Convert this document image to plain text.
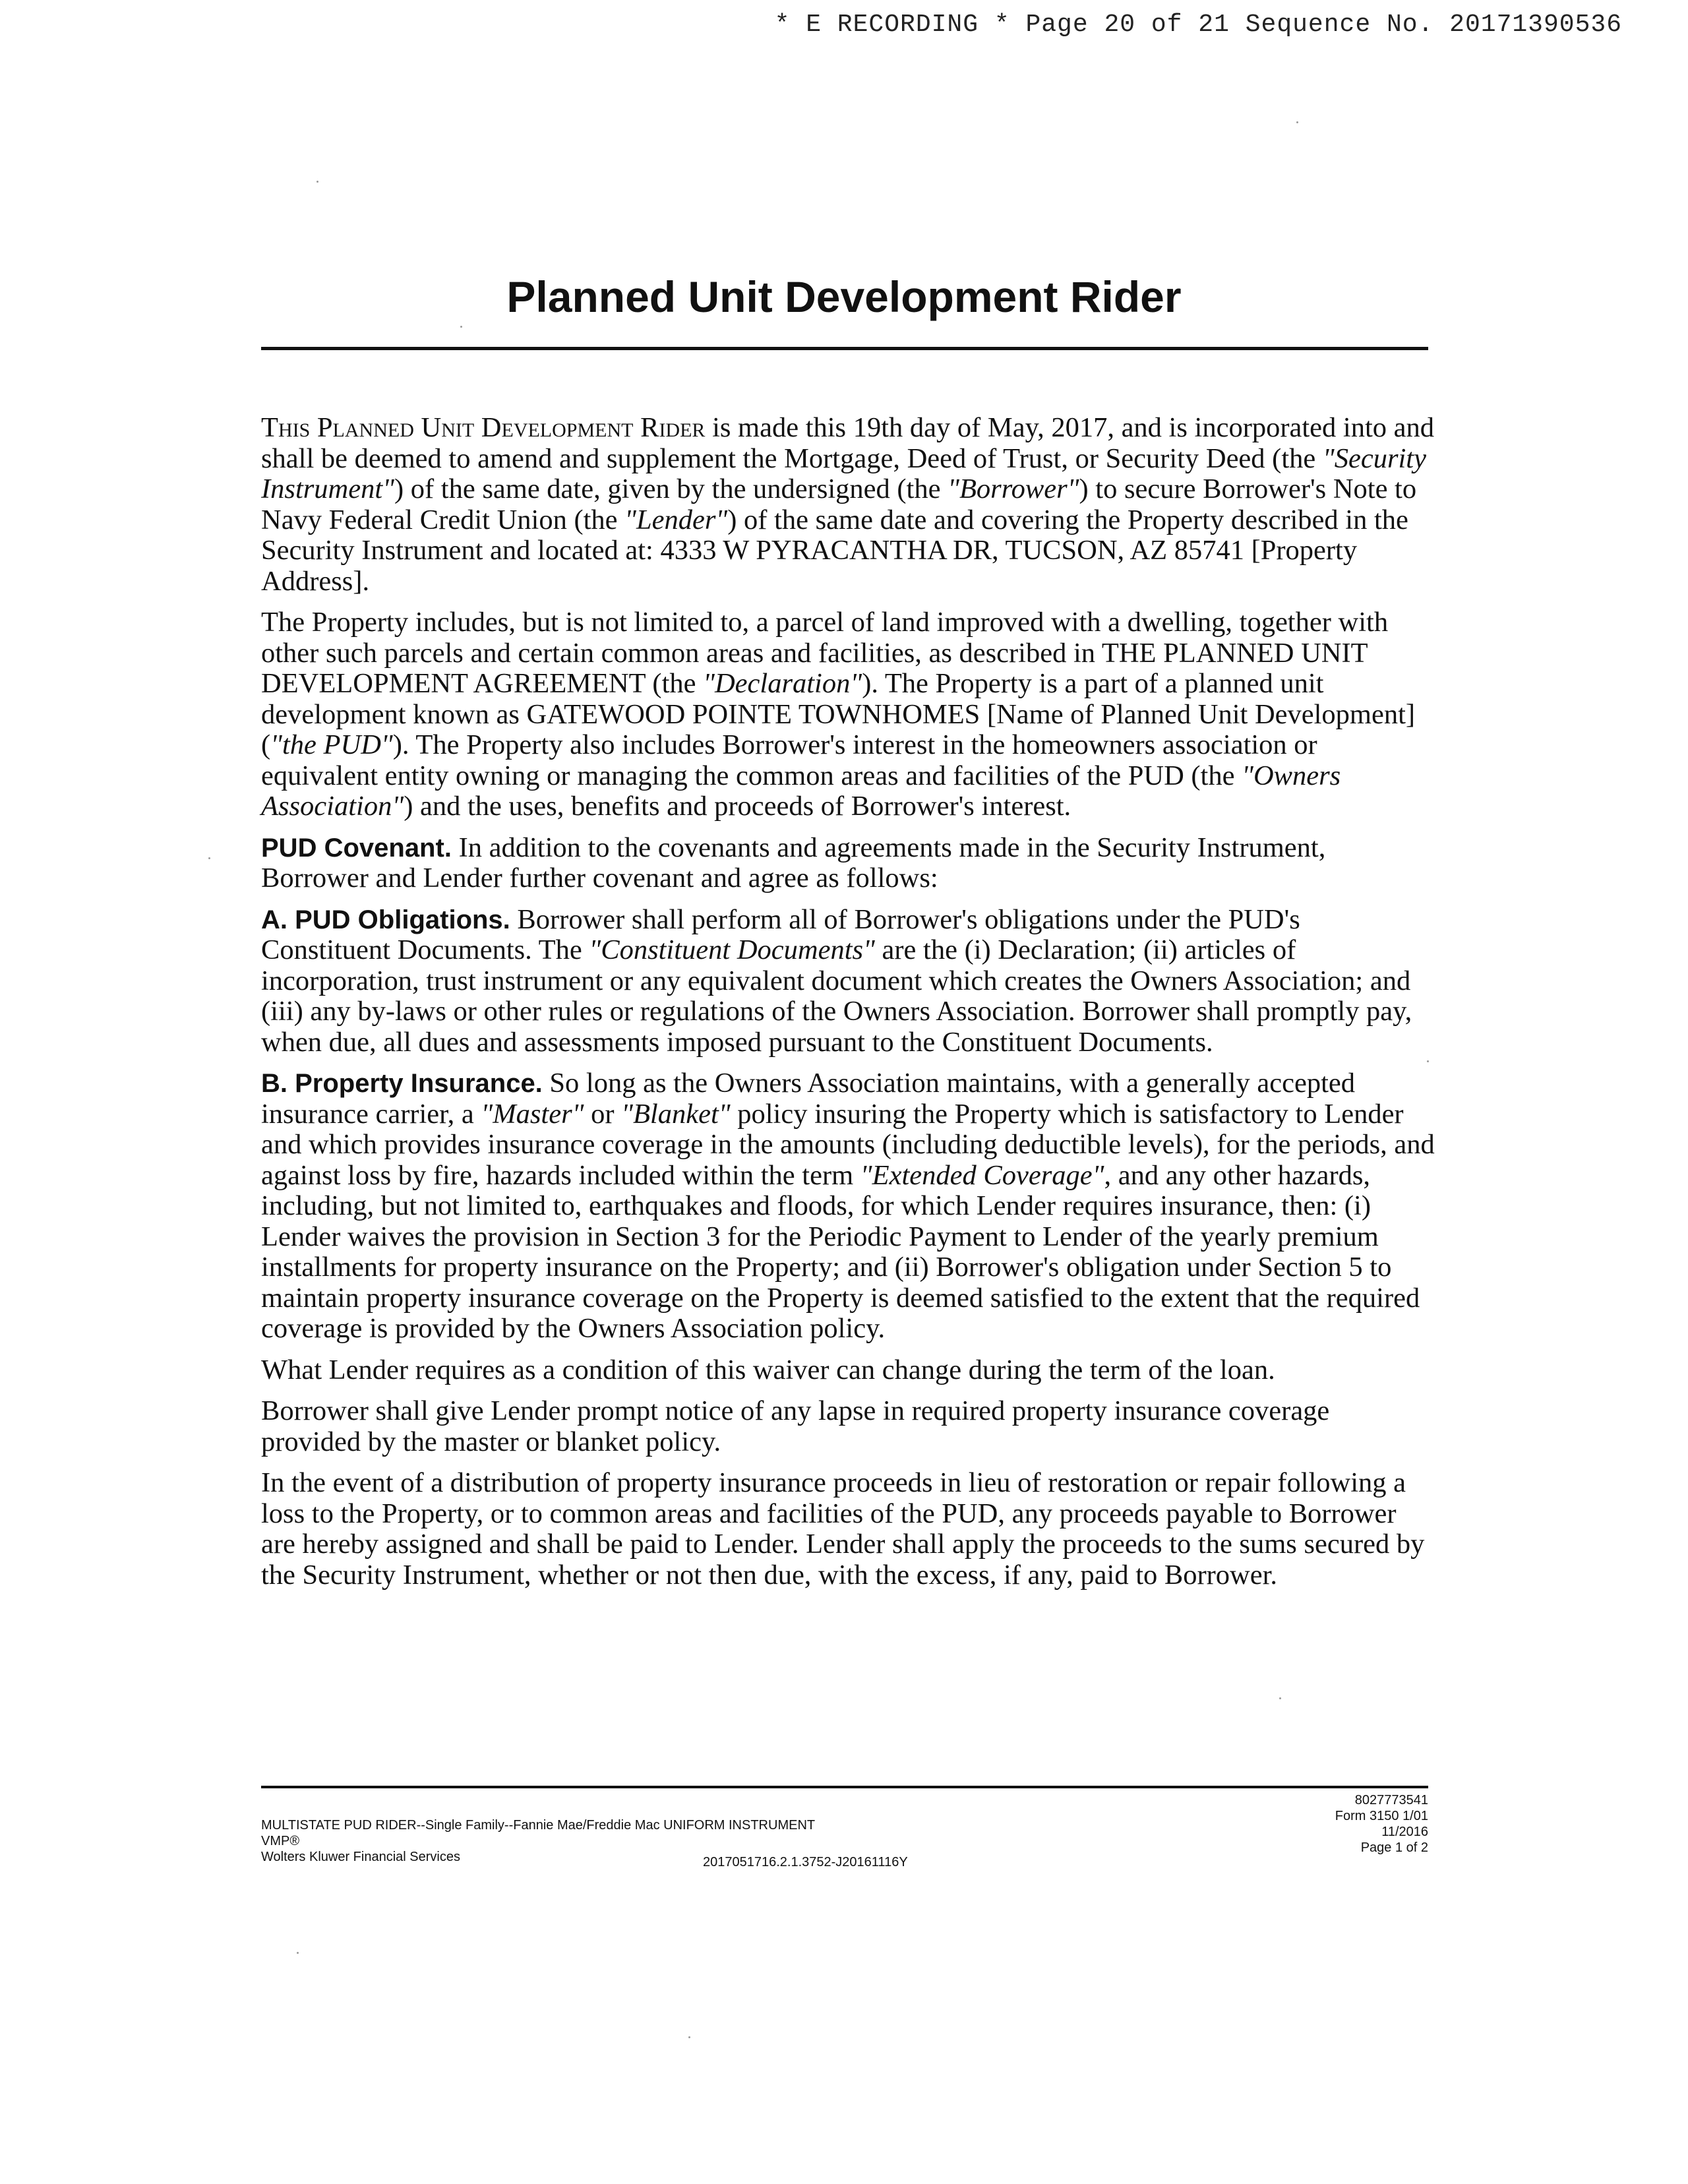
* E RECORDING * Page 20 of 21 Sequence No. 20171390536
Planned Unit Development Rider

This Planned Unit Development Rider is made this 19th day of May, 2017, and is incorporated into and shall be deemed to amend and supplement the Mortgage, Deed of Trust, or Security Deed (the "Security Instrument") of the same date, given by the undersigned (the "Borrower") to secure Borrower's Note to Navy Federal Credit Union (the "Lender") of the same date and covering the Property described in the Security Instrument and located at: 4333 W PYRACANTHA DR, TUCSON, AZ 85741 [Property Address].

The Property includes, but is not limited to, a parcel of land improved with a dwelling, together with other such parcels and certain common areas and facilities, as described in THE PLANNED UNIT DEVELOPMENT AGREEMENT (the "Declaration"). The Property is a part of a planned unit development known as GATEWOOD POINTE TOWNHOMES [Name of Planned Unit Development] ("the PUD"). The Property also includes Borrower's interest in the homeowners association or equivalent entity owning or managing the common areas and facilities of the PUD (the "Owners Association") and the uses, benefits and proceeds of Borrower's interest.

PUD Covenant. In addition to the covenants and agreements made in the Security Instrument, Borrower and Lender further covenant and agree as follows:

A. PUD Obligations. Borrower shall perform all of Borrower's obligations under the PUD's Constituent Documents. The "Constituent Documents" are the (i) Declaration; (ii) articles of incorporation, trust instrument or any equivalent document which creates the Owners Association; and (iii) any by-laws or other rules or regulations of the Owners Association. Borrower shall promptly pay, when due, all dues and assessments imposed pursuant to the Constituent Documents.

B. Property Insurance. So long as the Owners Association maintains, with a generally accepted insurance carrier, a "Master" or "Blanket" policy insuring the Property which is satisfactory to Lender and which provides insurance coverage in the amounts (including deductible levels), for the periods, and against loss by fire, hazards included within the term "Extended Coverage", and any other hazards, including, but not limited to, earthquakes and floods, for which Lender requires insurance, then: (i) Lender waives the provision in Section 3 for the Periodic Payment to Lender of the yearly premium installments for property insurance on the Property; and (ii) Borrower's obligation under Section 5 to maintain property insurance coverage on the Property is deemed satisfied to the extent that the required coverage is provided by the Owners Association policy.

What Lender requires as a condition of this waiver can change during the term of the loan.

Borrower shall give Lender prompt notice of any lapse in required property insurance coverage provided by the master or blanket policy.

In the event of a distribution of property insurance proceeds in lieu of restoration or repair following a loss to the Property, or to common areas and facilities of the PUD, any proceeds payable to Borrower are hereby assigned and shall be paid to Lender. Lender shall apply the proceeds to the sums secured by the Security Instrument, whether or not then due, with the excess, if any, paid to Borrower.

MULTISTATE PUD RIDER--Single Family--Fannie Mae/Freddie Mac UNIFORM INSTRUMENT
VMP®
Wolters Kluwer Financial Services	2017051716.2.1.3752-J20161116Y
8027773541
Form 3150 1/01
11/2016
Page 1 of 2
